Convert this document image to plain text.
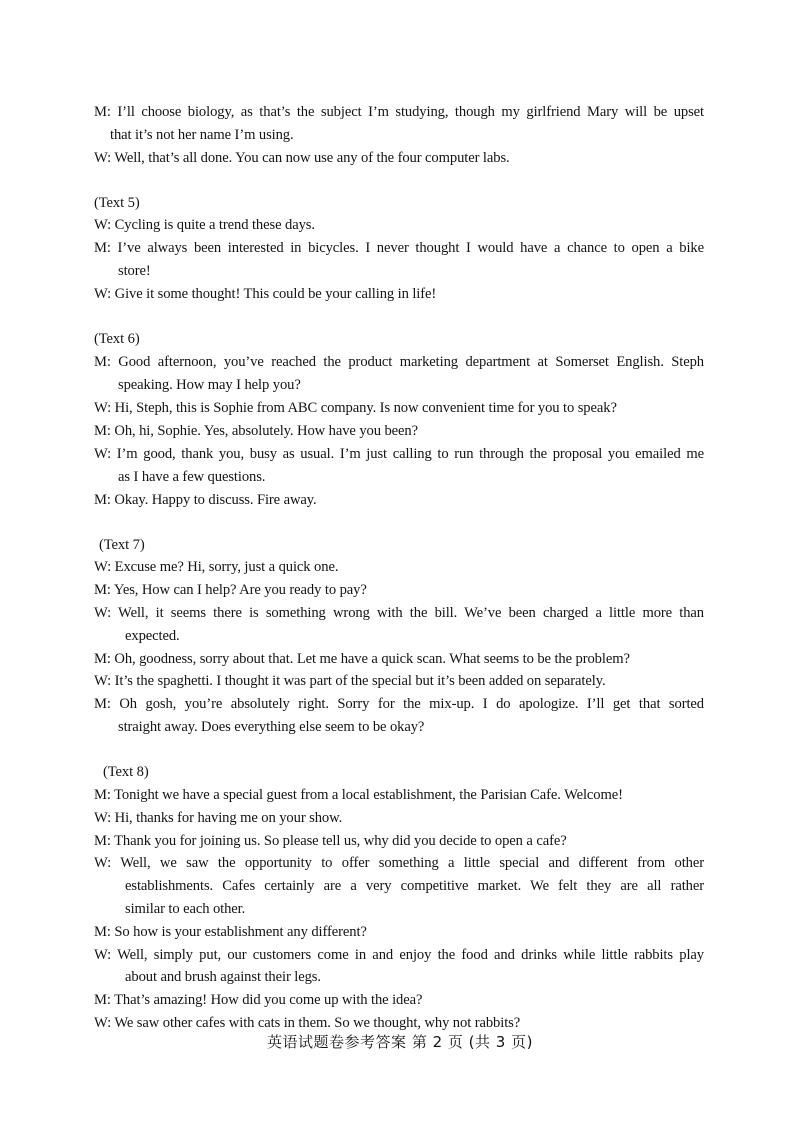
M: I’ll choose biology, as that’s the subject I’m studying, though my girlfriend Mary will be upset
that it’s not her name I’m using.
W: Well, that’s all done. You can now use any of the four computer labs.
(Text 5)
W: Cycling is quite a trend these days.
M: I’ve always been interested in bicycles. I never thought I would have a chance to open a bike
store!
W: Give it some thought! This could be your calling in life!
(Text 6)
M: Good afternoon, you’ve reached the product marketing department at Somerset English. Steph
speaking. How may I help you?
W: Hi, Steph, this is Sophie from ABC company. Is now convenient time for you to speak?
M: Oh, hi, Sophie. Yes, absolutely. How have you been?
W: I’m good, thank you, busy as usual. I’m just calling to run through the proposal you emailed me
as I have a few questions.
M: Okay. Happy to discuss. Fire away.
(Text 7)
W: Excuse me? Hi, sorry, just a quick one.
M: Yes, How can I help? Are you ready to pay?
W: Well, it seems there is something wrong with the bill. We’ve been charged a little more than
expected.
M: Oh, goodness, sorry about that. Let me have a quick scan. What seems to be the problem?
W: It’s the spaghetti. I thought it was part of the special but it’s been added on separately.
M: Oh gosh, you’re absolutely right. Sorry for the mix-up. I do apologize. I’ll get that sorted
straight away. Does everything else seem to be okay?
(Text 8)
M: Tonight we have a special guest from a local establishment, the Parisian Cafe. Welcome!
W: Hi, thanks for having me on your show.
M: Thank you for joining us. So please tell us, why did you decide to open a cafe?
W: Well, we saw the opportunity to offer something a little special and different from other
establishments. Cafes certainly are a very competitive market. We felt they are all rather
similar to each other.
M: So how is your establishment any different?
W: Well, simply put, our customers come in and enjoy the food and drinks while little rabbits play
about and brush against their legs.
M: That’s amazing! How did you come up with the idea?
W: We saw other cafes with cats in them. So we thought, why not rabbits?
英语试题卷参考答案 第 2 页 (共 3 页)
